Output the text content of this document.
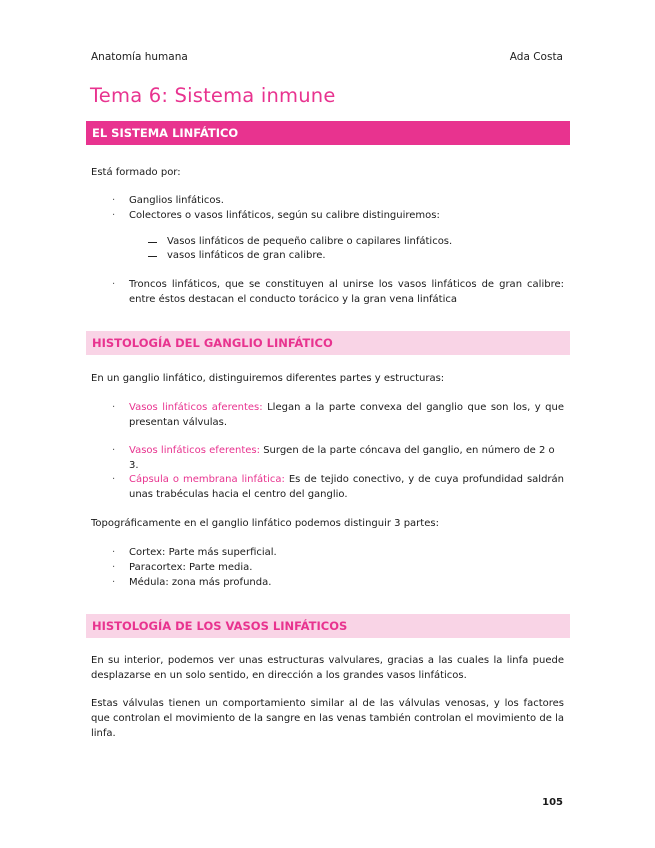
Anatomía humana	Ada Costa
Tema 6: Sistema inmune
EL SISTEMA LINFÁTICO
Está formado por:
· Ganglios linfáticos.
· Colectores o vasos linfáticos, según su calibre distinguiremos:
Vasos linfáticos de pequeño calibre o capilares linfáticos.
vasos linfáticos de gran calibre.
· Troncos linfáticos, que se constituyen al unirse los vasos linfáticos de gran calibre: entre éstos destacan el conducto torácico y la gran vena linfática
HISTOLOGÍA DEL GANGLIO LINFÁTICO
En un ganglio linfático, distinguiremos diferentes partes y estructuras:
· Vasos linfáticos aferentes: Llegan a la parte convexa del ganglio que son los, y que presentan válvulas.
· Vasos linfáticos eferentes: Surgen de la parte cóncava del ganglio, en número de 2 o 3.
· Cápsula o membrana linfática: Es de tejido conectivo, y de cuya profundidad saldrán unas trabéculas hacia el centro del ganglio.
Topográficamente en el ganglio linfático podemos distinguir 3 partes:
· Cortex: Parte más superficial.
· Paracortex: Parte media.
· Médula: zona más profunda.
HISTOLOGÍA DE LOS VASOS LINFÁTICOS
En su interior, podemos ver unas estructuras valvulares, gracias a las cuales la linfa puede desplazarse en un solo sentido, en dirección a los grandes vasos linfáticos.
Estas válvulas tienen un comportamiento similar al de las válvulas venosas, y los factores que controlan el movimiento de la sangre en las venas también controlan el movimiento de la linfa.
105
